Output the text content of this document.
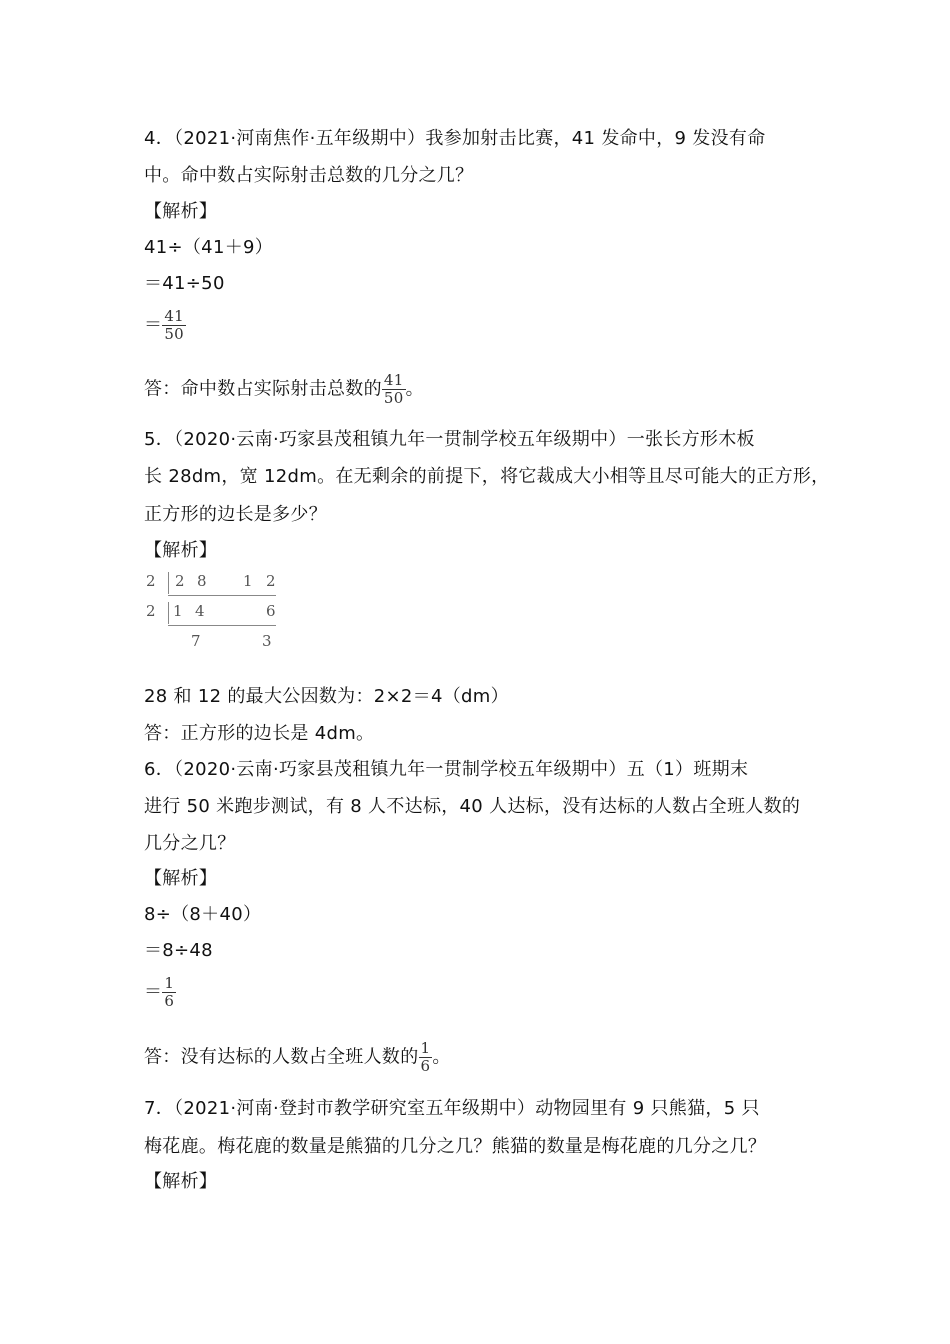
4．（2021·河南焦作·五年级期中）我参加射击比赛，41 发命中，9 发没有命
中。命中数占实际射击总数的几分之几？
【解析】
41÷（41＋9）
＝41÷50
＝ $\frac{41}{50}$
答：命中数占实际射击总数的 $\frac{41}{50}$ 。
5．（2020·云南·巧家县茂租镇九年一贯制学校五年级期中）一张长方形木板
长 28dm，宽 12dm。在无剩余的前提下，将它裁成大小相等且尽可能大的正方形，
正方形的边长是多少？
【解析】
2 2 8 1 2
2 1 4	6
7	3
28 和 12 的最大公因数为：2×2＝4（dm）
答：正方形的边长是 4dm。
6．（2020·云南·巧家县茂租镇九年一贯制学校五年级期中）五（1）班期末
进行 50 米跑步测试，有 8 人不达标，40 人达标，没有达标的人数占全班人数的
几分之几？
【解析】
8÷（8＋40）
＝8÷48
＝ $\frac{1}{6}$
答：没有达标的人数占全班人数的 $\frac{1}{6}$ 。
7．（2021·河南·登封市教学研究室五年级期中）动物园里有 9 只熊猫，5 只
梅花鹿。梅花鹿的数量是熊猫的几分之几？熊猫的数量是梅花鹿的几分之几？
【解析】
